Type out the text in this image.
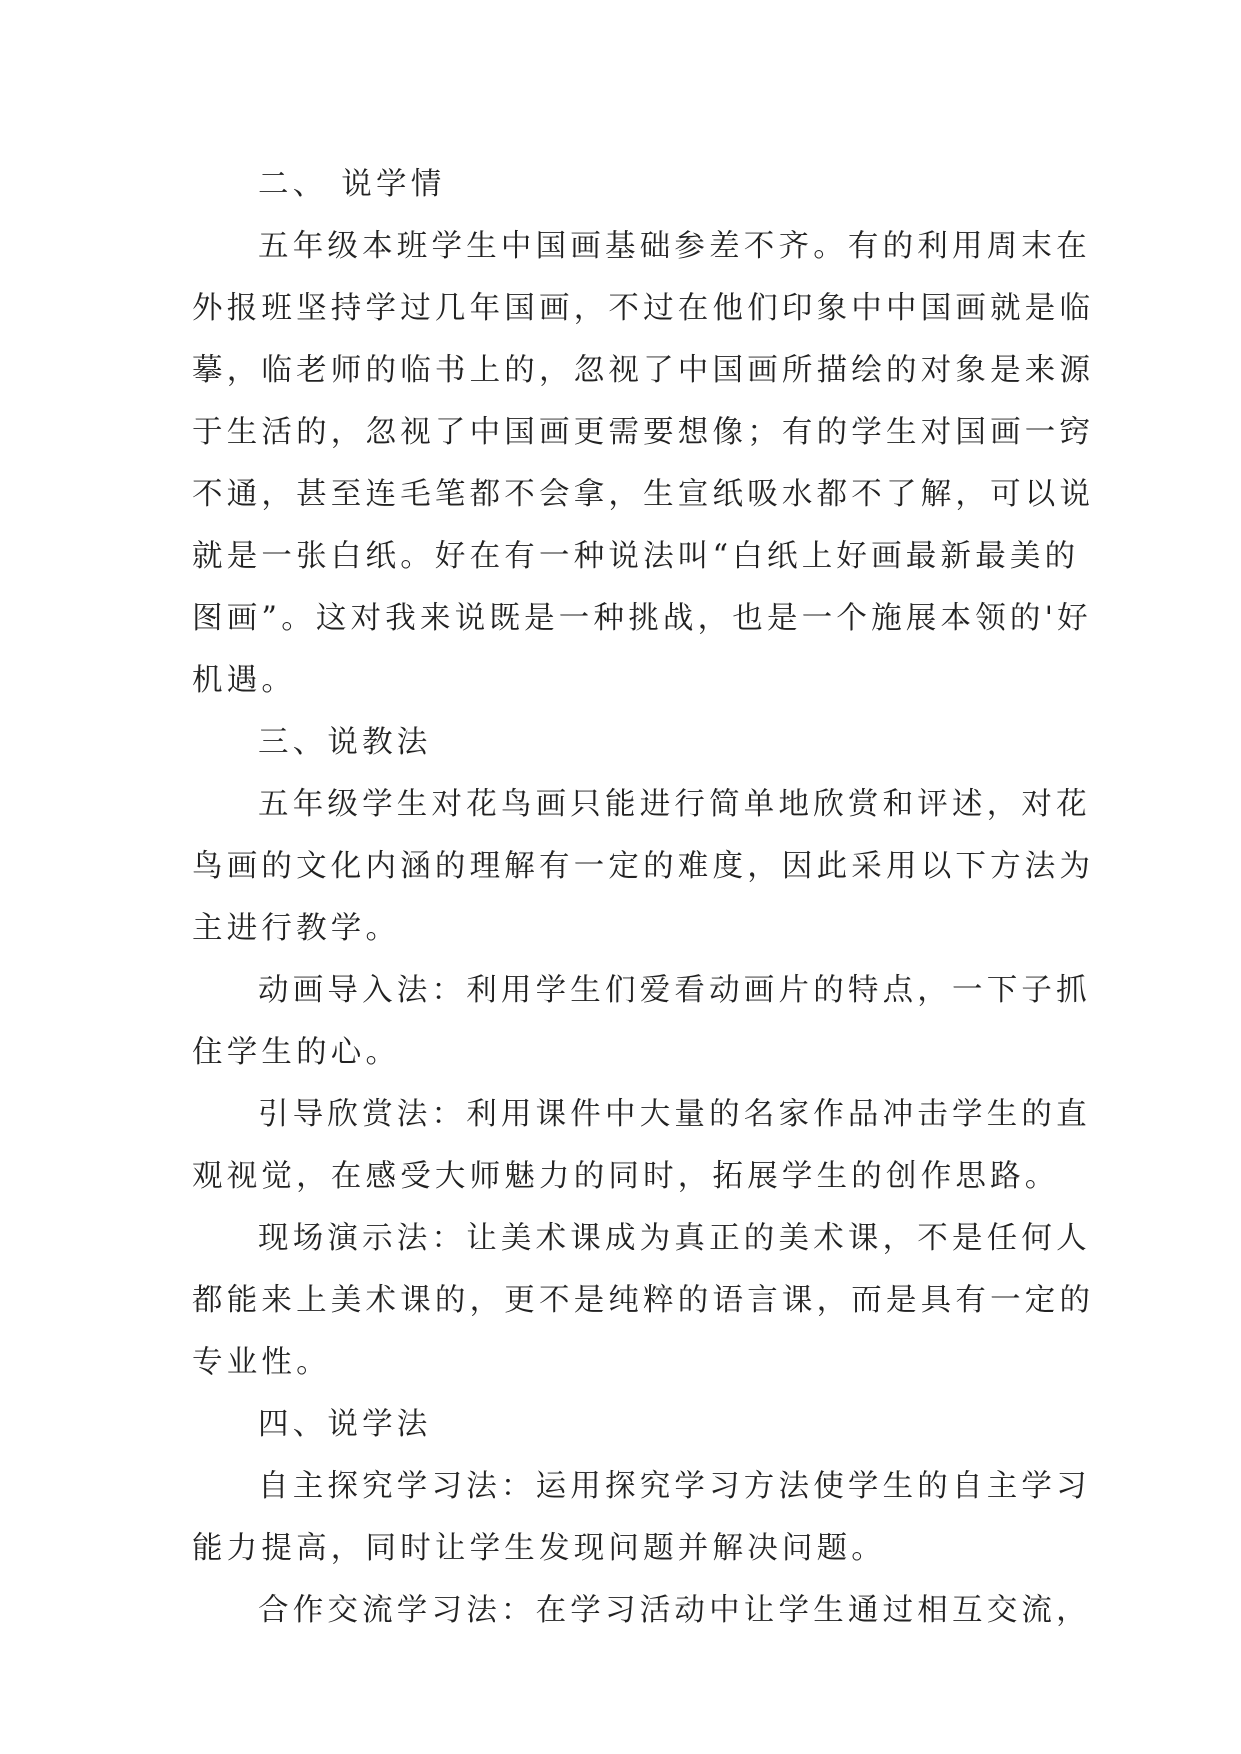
二、 说学情

五年级本班学生中国画基础参差不齐。有的利用周末在
外报班坚持学过几年国画，不过在他们印象中中国画就是临
摹，临老师的临书上的，忽视了中国画所描绘的对象是来源
于生活的，忽视了中国画更需要想像；有的学生对国画一窍
不通，甚至连毛笔都不会拿，生宣纸吸水都不了解，可以说
就是一张白纸。好在有一种说法叫“白纸上好画最新最美的
图画”。这对我来说既是一种挑战，也是一个施展本领的'好
机遇。

三、说教法

五年级学生对花鸟画只能进行简单地欣赏和评述，对花
鸟画的文化内涵的理解有一定的难度，因此采用以下方法为
主进行教学。

动画导入法：利用学生们爱看动画片的特点，一下子抓
住学生的心。

引导欣赏法：利用课件中大量的名家作品冲击学生的直
观视觉，在感受大师魅力的同时，拓展学生的创作思路。

现场演示法：让美术课成为真正的美术课，不是任何人
都能来上美术课的，更不是纯粹的语言课，而是具有一定的
专业性。

四、说学法

自主探究学习法：运用探究学习方法使学生的自主学习
能力提高，同时让学生发现问题并解决问题。

合作交流学习法：在学习活动中让学生通过相互交流，
